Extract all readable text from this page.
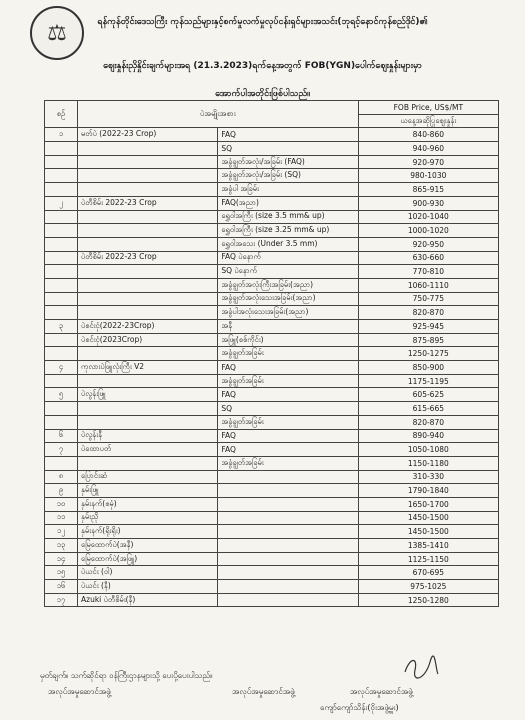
⚖	ရန်ကုန်တိုင်းဒေသကြီး ကုန်သည်များနှင့်စက်မှုလက်မှုလုပ်ငန်းရှင်များအသင်း(ဘုရင့်နောင်ကုန်စည်ဒိုင်)၏
စျေးနှုန်းညှိနှိုင်းချက်များအရ (21.3.2023)ရက်နေ့အတွက် FOB(YGN)ပေါက်ဈေးနှုန်းများမှာ
အောက်ပါအတိုင်းဖြစ်ပါသည်။
စဉ်	ပဲအမျိုးအစား		FOB Price, US$/MT
			ယနေ့အဆိုပြုဈေးနှုန်း
၁	မတ်ပဲ (2022-23 Crop)	FAQ	840-860
		SQ	940-960
		အခွံချွတ်အလုံး/အခြမ်း (FAQ)	920-970
		အခွံချွတ်အလုံး/အခြမ်း (SQ)	980-1030
		အခွံပါ အခြမ်း	865-915
၂	ပဲတီစိမ်း 2022-23 Crop	FAQ(အညာ)	900-930
		ရွှေဝါအကြီး (size 3.5 mm& up)	1020-1040
		ရွှေဝါအကြီး (size 3.25 mm& up)	1000-1020
		ရွှေဝါအသေး (Under 3.5 mm)	920-950
	ပဲတီစိမ်း 2022-23 Crop	FAQ ပဲနောက်	630-660
		SQ ပဲနောက်	770-810
		အခွံချွတ်အလုံးကြီးအခြမ်း(အညာ)	1060-1110
		အခွံချွတ်အလုံးသေးအခြမ်း(အညာ)	750-775
		အခွံပါအလုံးသေးအခြမ်း(အညာ)	820-870
၃	ပဲစင်းငုံ(2022-23Crop)	အနီ	925-945
	ပဲစင်းငုံ(2023Crop)	အဖြူ(စစ်ကိုင်း)	875-895
		အခွံချွတ်အခြမ်း	1250-1275
၄	ကုလားပဲဖြူလုံးကြီး V2	FAQ	850-900
		အခွံချွတ်အခြမ်း	1175-1195
၅	ပဲလွန်းဖြူ	FAQ	605-625
		SQ	615-665
		အခွံချွတ်အခြမ်း	820-870
၆	ပဲလွန်းနီ	FAQ	890-940
၇	ပဲထောပတ်	FAQ	1050-1080
		အခွံချွတ်အခြမ်း	1150-1180
၈	ပြောင်းဆံ		310-330
၉	နှမ်းဖြူ		1790-1840
၁၀	နှမ်းနက်(စမုံ)		1650-1700
၁၁	နှမ်းညို		1450-1500
၁၂	နှမ်းနက်(ရိုးရိုး)		1450-1500
၁၃	မြေထောက်ပဲ(အနီ)		1385-1410
၁၄	မြေထောက်ပဲ(အဖြူ)		1125-1150
၁၅	ပဲယင်း (ဝါ)		670-695
၁၆	ပဲယင်း (နီ)		975-1025
၁၇	Azuki ပဲတီစိမ်း(နီ)		1250-1280
မှတ်ချက်။ သက်ဆိုင်ရာ ဝန်ကြီးဌာနများသို့ ပေးပို့ပေးပါသည်။
အလုပ်အမှုဆောင်အဖွဲ့	အလုပ်အမှုဆောင်အဖွဲ့	အလုပ်အမှုဆောင်အဖွဲ့
ကျော်ကျော်သိန်း(ဝိုးအဖွဲ့မှူး)
